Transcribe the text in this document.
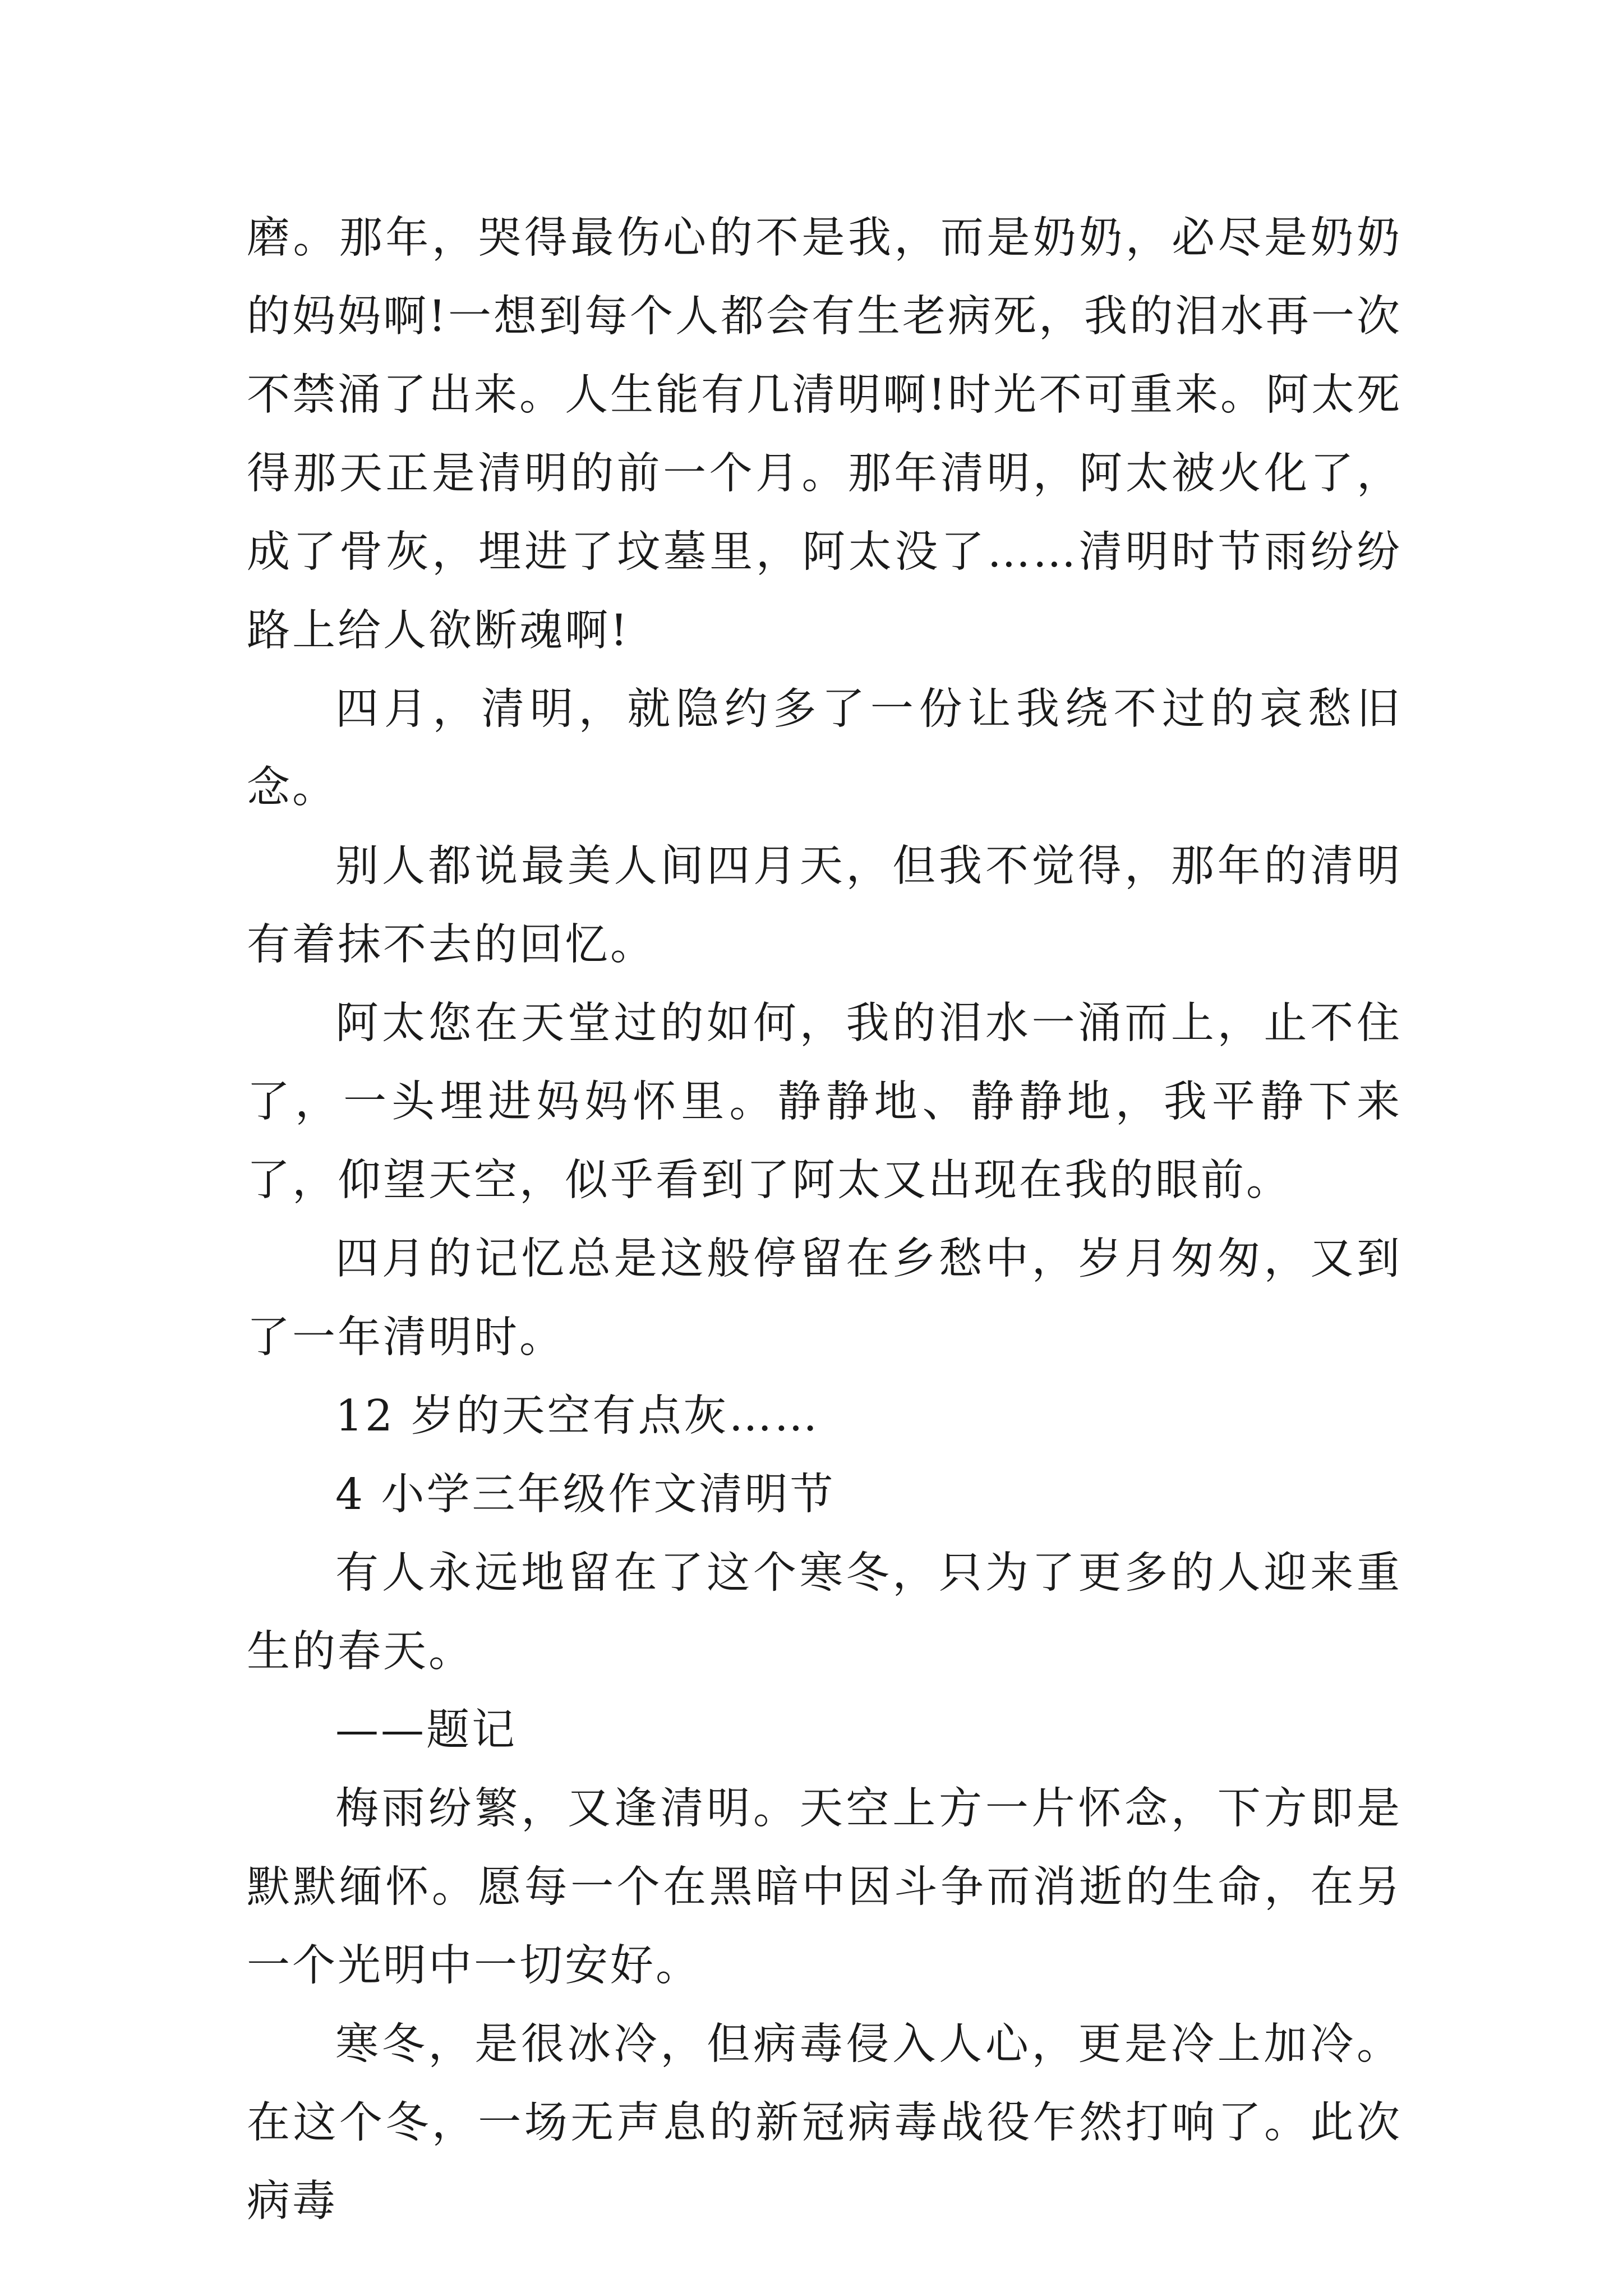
磨。那年，哭得最伤心的不是我，而是奶奶，必尽是奶奶的妈妈啊!一想到每个人都会有生老病死，我的泪水再一次不禁涌了出来。人生能有几清明啊!时光不可重来。阿太死得那天正是清明的前一个月。那年清明，阿太被火化了，成了骨灰，埋进了坟墓里，阿太没了……清明时节雨纷纷路上给人欲断魂啊!

四月，清明，就隐约多了一份让我绕不过的哀愁旧念。

别人都说最美人间四月天，但我不觉得，那年的清明有着抹不去的回忆。

阿太您在天堂过的如何，我的泪水一涌而上，止不住了，一头埋进妈妈怀里。静静地、静静地，我平静下来了，仰望天空，似乎看到了阿太又出现在我的眼前。

四月的记忆总是这般停留在乡愁中，岁月匆匆，又到了一年清明时。

12 岁的天空有点灰……

4 小学三年级作文清明节

有人永远地留在了这个寒冬，只为了更多的人迎来重生的春天。

——题记

梅雨纷繁，又逢清明。天空上方一片怀念，下方即是默默缅怀。愿每一个在黑暗中因斗争而消逝的生命，在另一个光明中一切安好。

寒冬，是很冰冷，但病毒侵入人心，更是冷上加冷。在这个冬，一场无声息的新冠病毒战役乍然打响了。此次病毒
